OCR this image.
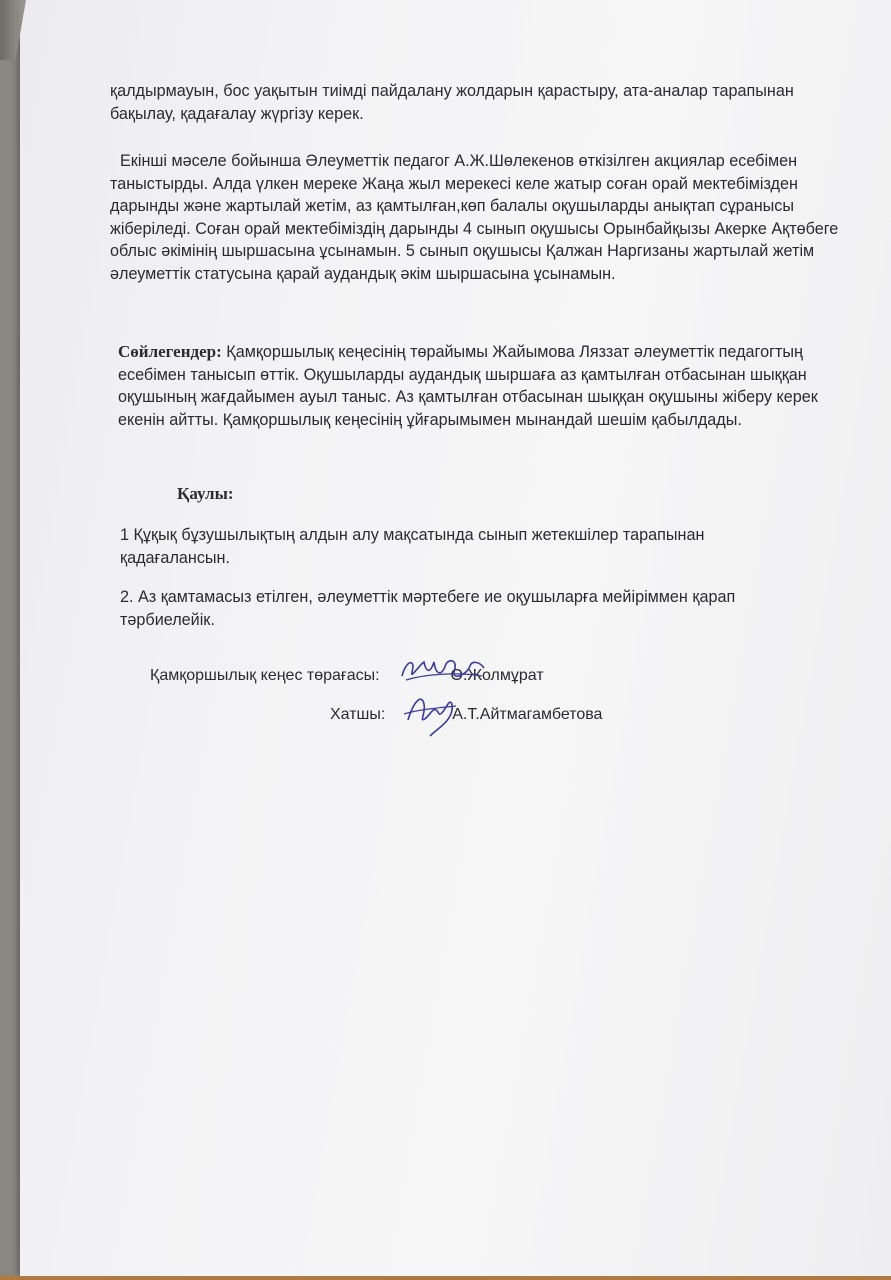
қалдырмауын, бос уақытын тиімді пайдалану жолдарын қарастыру, ата-аналар тарапынан бақылау, қадағалау жүргізу керек.
Екінші мәселе бойынша Әлеуметтік педагог А.Ж.Шөлекенов өткізілген акциялар есебімен таныстырды. Алда үлкен мереке Жаңа жыл мерекесі келе жатыр соған орай мектебімізден дарынды және жартылай жетім, аз қамтылған,көп балалы оқушыларды анықтап сұранысы жіберіледі. Соған орай мектебіміздің дарынды 4 сынып оқушысы Орынбайқызы Акерке Ақтөбеге облыс әкімінің шыршасына ұсынамын. 5 сынып оқушысы Қалжан Наргизаны жартылай жетім әлеуметтік статусына қарай аудандық әкім шыршасына ұсынамын.
Сөйлегендер: Қамқоршылық кеңесінің төрайымы Жайымова Ляззат әлеуметтік педагогтың есебімен танысып өттік. Оқушыларды аудандық шыршаға аз қамтылған отбасынан шыққан оқушының жағдайымен ауыл таныс. Аз қамтылған отбасынан шыққан оқушыны жіберу керек екенін айтты. Қамқоршылық кеңесінің ұйғарымымен мынандай шешім қабылдады.
Қаулы:
1 Құқық бұзушылықтың алдын алу мақсатында сынып жетекшілер тарапынан қадағалансын.
2. Аз қамтамасыз етілген, әлеуметтік мәртебеге ие оқушыларға мейіріммен қарап тәрбиелейік.
Қамқоршылық кеңес төрағасы:	О.Жолмұрат
Хатшы:	А.Т.Айтмагамбетова
